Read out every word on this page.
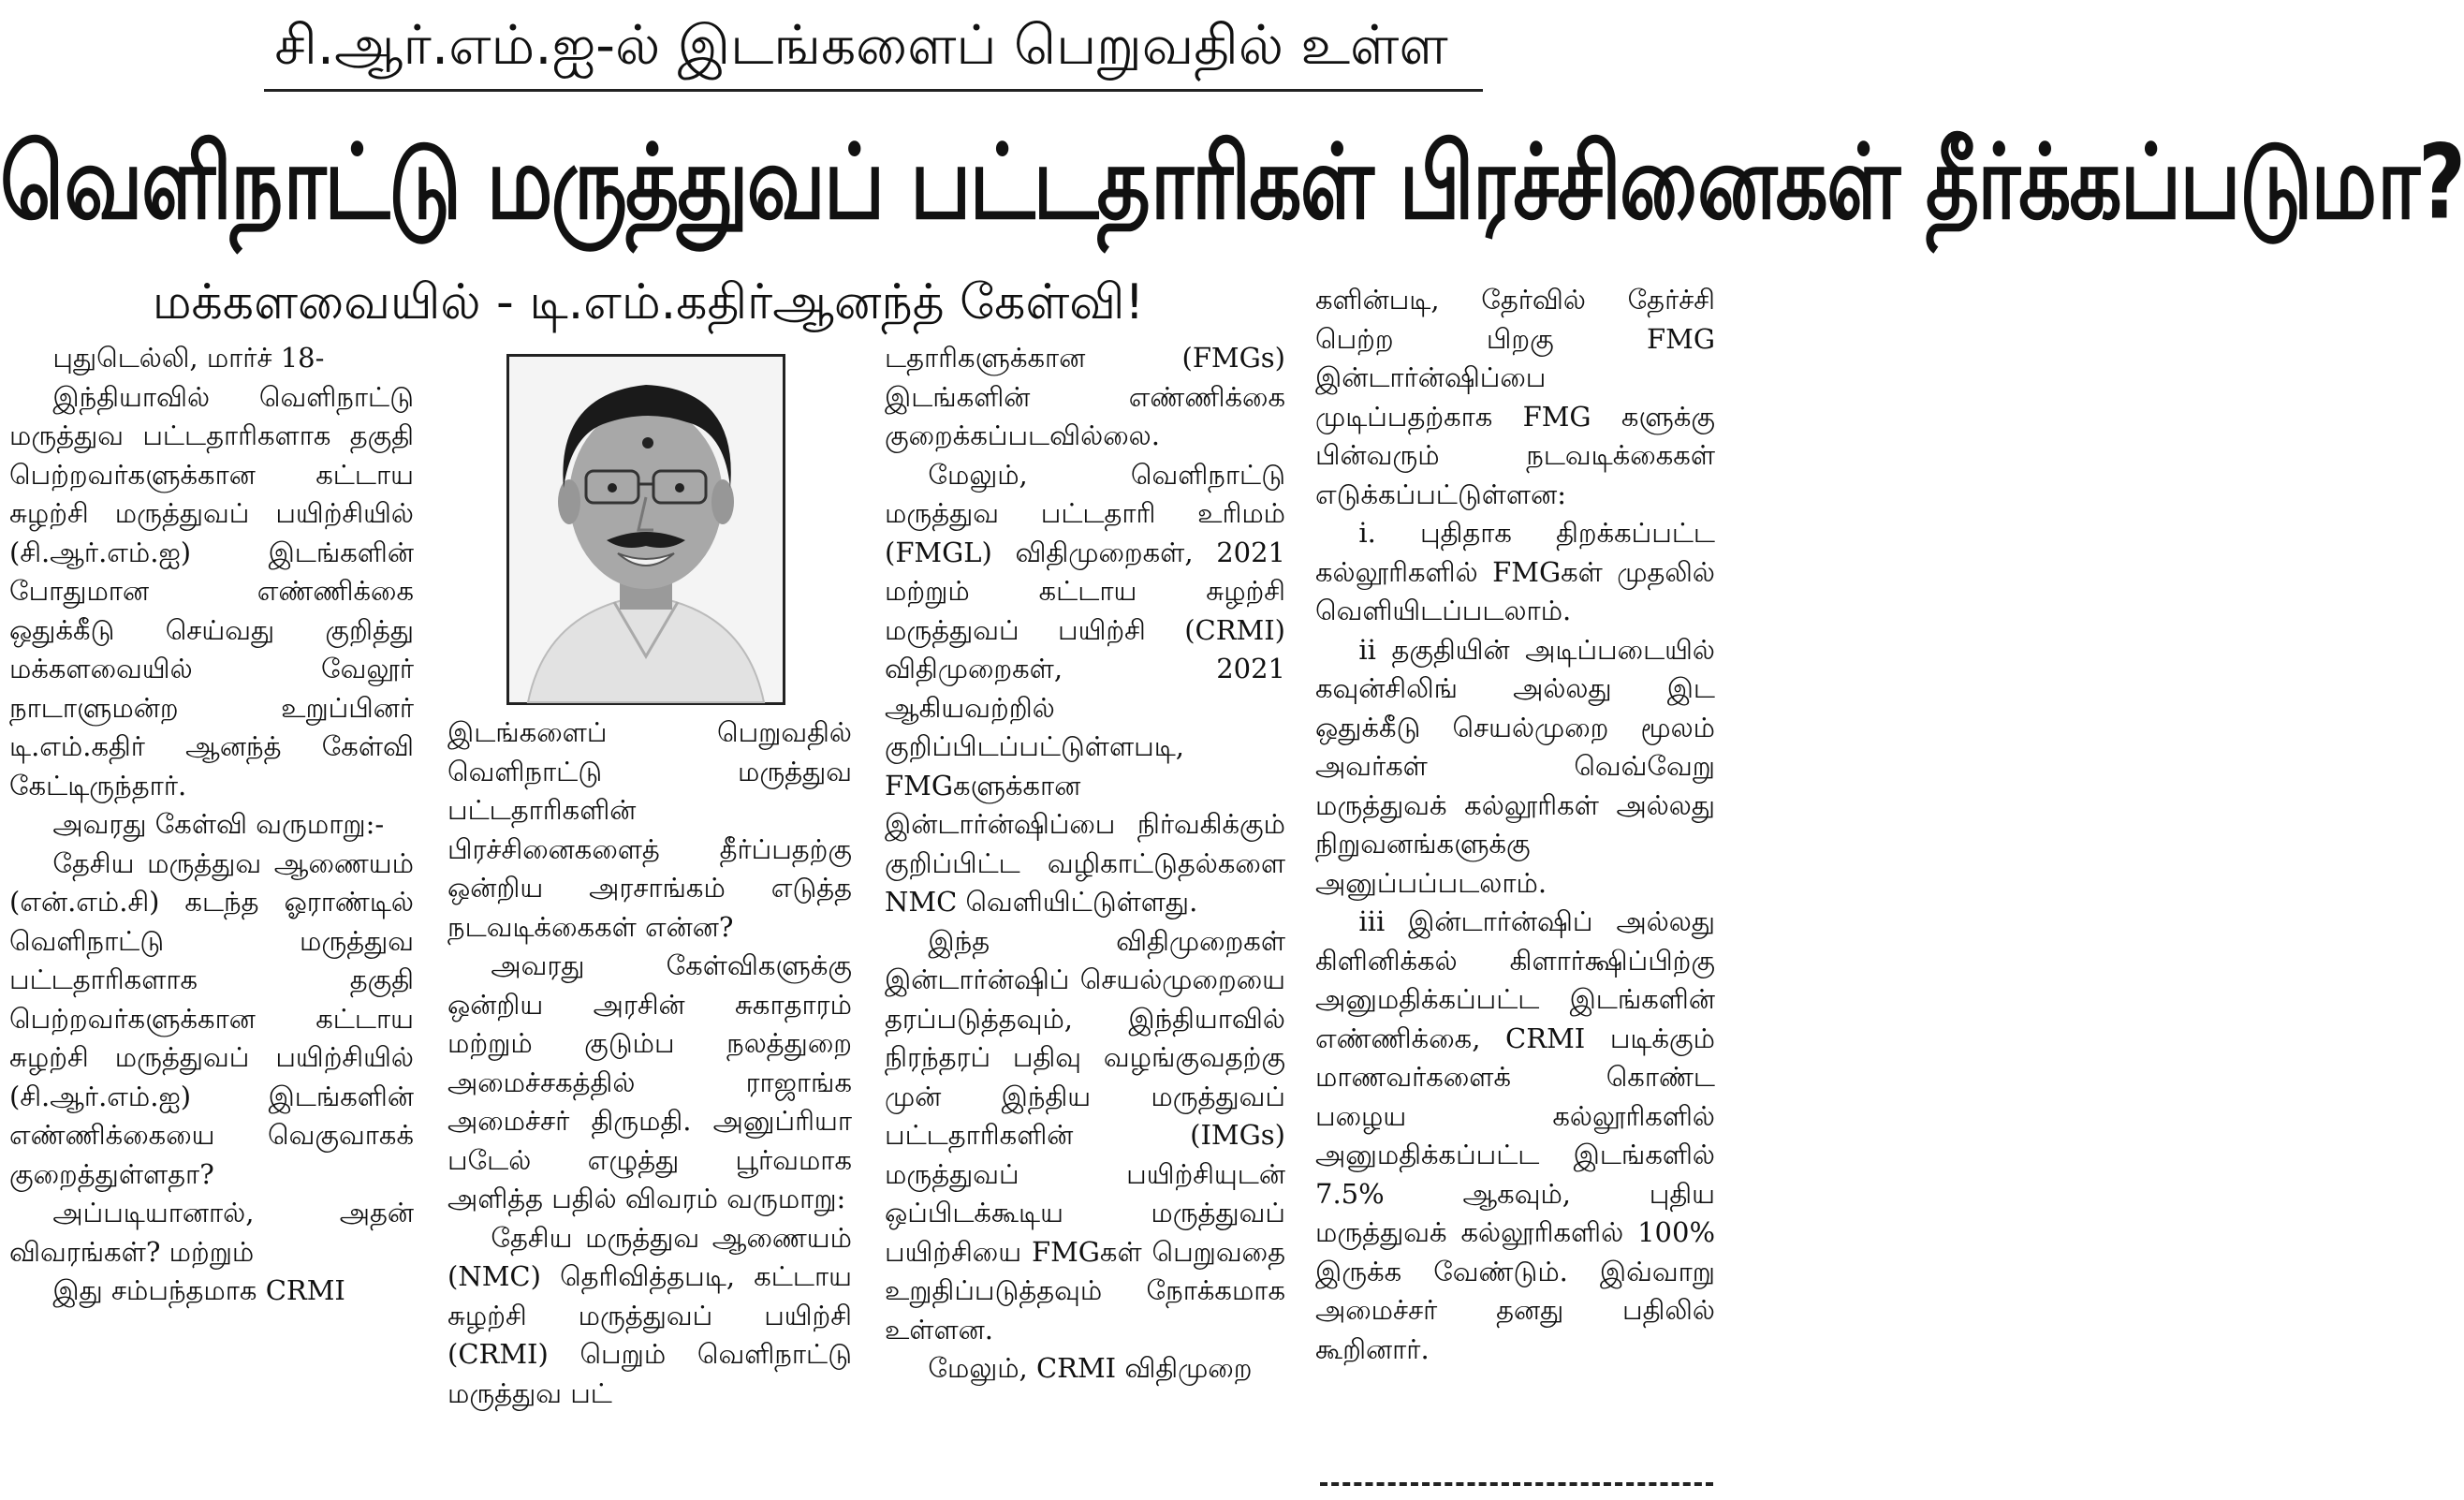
சி.ஆர்.எம்.ஐ-ல் இடங்களைப் பெறுவதில் உள்ள
வெளிநாட்டு மருத்துவப் பட்டதாரிகள் பிரச்சினைகள் தீர்க்கப்படுமா?
மக்களவையில் - டி.எம்.கதிர்ஆனந்த் கேள்வி!

புதுடெல்லி, மார்ச் 18-

இந்தியாவில் வெளிநாட்டு மருத்துவ பட்டதாரிகளாக தகுதி பெற்றவர்களுக்கான கட்டாய சுழற்சி மருத்துவப் பயிற்சியில் (சி.ஆர்.எம்.ஐ) இடங்களின் போதுமான எண்ணிக்கை ஒதுக்கீடு செய்வது குறித்து மக்களவையில் வேலூர் நாடாளுமன்ற உறுப்பினர் டி.எம்.கதிர் ஆனந்த் கேள்வி கேட்டிருந்தார்.

அவரது கேள்வி வருமாறு:-

தேசிய மருத்துவ ஆணையம் (என்.எம்.சி) கடந்த ஓராண்டில் வெளிநாட்டு மருத்துவ பட்டதாரிகளாக தகுதி பெற்றவர்களுக்கான கட்டாய சுழற்சி மருத்துவப் பயிற்சியில் (சி.ஆர்.எம்.ஐ) இடங்களின் எண்ணிக்கையை வெகுவாகக் குறைத்துள்ளதா?

அப்படியானால், அதன் விவரங்கள்? மற்றும்

இது சம்பந்தமாக CRMI

இடங்களைப் பெறுவதில் வெளிநாட்டு மருத்துவ பட்டதாரிகளின் பிரச்சினைகளைத் தீர்ப்பதற்கு ஒன்றிய அரசாங்கம் எடுத்த நடவடிக்கைகள் என்ன?

அவரது கேள்விகளுக்கு ஒன்றிய அரசின் சுகாதாரம் மற்றும் குடும்ப நலத்துறை அமைச்சகத்தில் ராஜாங்க அமைச்சர் திருமதி. அனுப்ரியா படேல் எழுத்து பூர்வமாக அளித்த பதில் விவரம் வருமாறு:

தேசிய மருத்துவ ஆணையம் (NMC) தெரிவித்தபடி, கட்டாய சுழற்சி மருத்துவப் பயிற்சி (CRMI) பெறும் வெளிநாட்டு மருத்துவ பட்

டதாரிகளுக்கான (FMGs) இடங்களின் எண்ணிக்கை குறைக்கப்படவில்லை.

மேலும், வெளிநாட்டு மருத்துவ பட்டதாரி உரிமம் (FMGL) விதிமுறைகள், 2021 மற்றும் கட்டாய சுழற்சி மருத்துவப் பயிற்சி (CRMI) விதிமுறைகள், 2021 ஆகியவற்றில் குறிப்பிடப்பட்டுள்ளபடி, FMGகளுக்கான இன்டார்ன்ஷிப்பை நிர்வகிக்கும் குறிப்பிட்ட வழிகாட்டுதல்களை NMC வெளியிட்டுள்ளது.

இந்த விதிமுறைகள் இன்டார்ன்ஷிப் செயல்முறையை தரப்படுத்தவும், இந்தியாவில் நிரந்தரப் பதிவு வழங்குவதற்கு முன் இந்திய மருத்துவப் பட்டதாரிகளின் (IMGs) மருத்துவப் பயிற்சியுடன் ஒப்பிடக்கூடிய மருத்துவப் பயிற்சியை FMGகள் பெறுவதை உறுதிப்படுத்தவும் நோக்கமாக உள்ளன.

மேலும், CRMI விதிமுறை

களின்படி, தேர்வில் தேர்ச்சி பெற்ற பிறகு FMG இன்டார்ன்ஷிப்பை முடிப்பதற்காக FMG களுக்கு பின்வரும் நடவடிக்கைகள் எடுக்கப்பட்டுள்ளன:

i. புதிதாக திறக்கப்பட்ட கல்லூரிகளில் FMGகள் முதலில் வெளியிடப்படலாம்.

ii தகுதியின் அடிப்படையில் கவுன்சிலிங் அல்லது இட ஒதுக்கீடு செயல்முறை மூலம் அவர்கள் வெவ்வேறு மருத்துவக் கல்லூரிகள் அல்லது நிறுவனங்களுக்கு அனுப்பப்படலாம்.

iii இன்டார்ன்ஷிப் அல்லது கிளினிக்கல் கிளார்க்ஷிப்பிற்கு அனுமதிக்கப்பட்ட இடங்களின் எண்ணிக்கை, CRMI படிக்கும் மாணவர்களைக் கொண்ட பழைய கல்லூரிகளில் அனுமதிக்கப்பட்ட இடங்களில் 7.5% ஆகவும், புதிய மருத்துவக் கல்லூரிகளில் 100% இருக்க வேண்டும். இவ்வாறு அமைச்சர் தனது பதிலில் கூறினார்.
